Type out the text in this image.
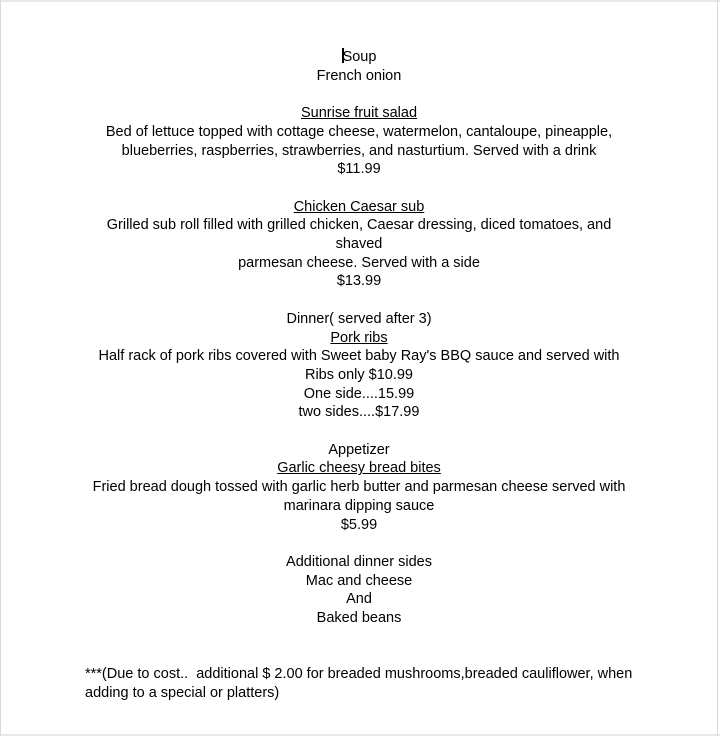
Soup
French onion
Sunrise fruit salad
Bed of lettuce topped with cottage cheese, watermelon, cantaloupe, pineapple,
blueberries, raspberries, strawberries, and nasturtium. Served with a drink
$11.99
Chicken Caesar sub
Grilled sub roll filled with grilled chicken, Caesar dressing, diced tomatoes, and shaved
parmesan cheese. Served with a side
$13.99
Dinner( served after 3)
Pork ribs
Half rack of pork ribs covered with Sweet baby Ray's BBQ sauce and served with
Ribs only $10.99
One side....15.99
two sides....$17.99
Appetizer
Garlic cheesy bread bites
Fried bread dough tossed with garlic herb butter and parmesan cheese served with
marinara dipping sauce
$5.99
Additional dinner sides
Mac and cheese
And
Baked beans
***(Due to cost..  additional $ 2.00 for breaded mushrooms,breaded cauliflower, when
adding to a special or platters)
